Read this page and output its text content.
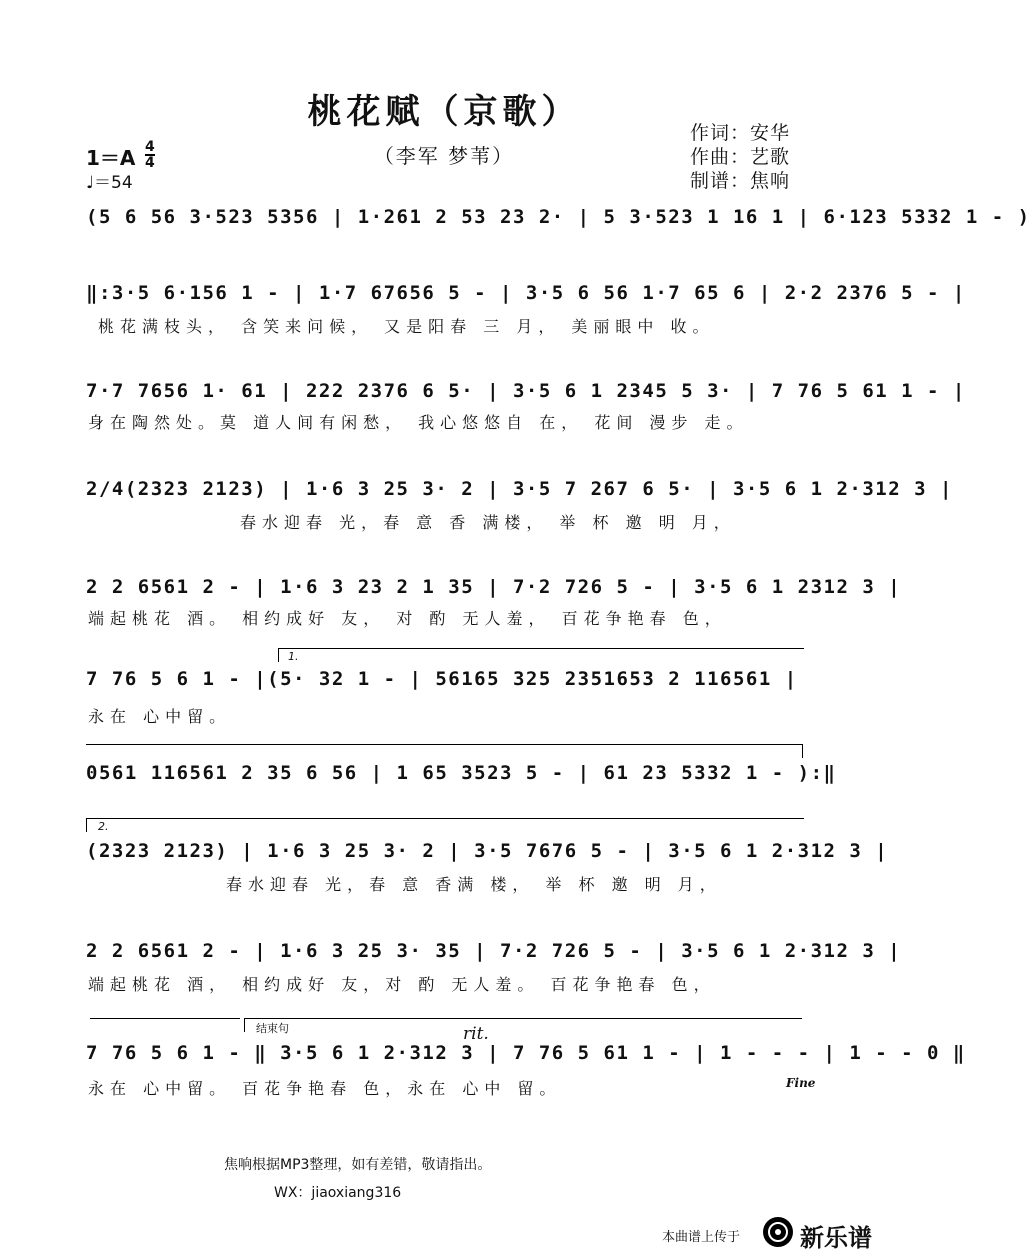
桃花赋（京歌）
（李军 梦苇）
作词：安华
作曲：艺歌
制谱：焦响
$1=A \frac{4}{4}$
♩＝54
(5 6 56 3·523 5356 | 1·261 2 53 23 2· | 5 3·523 1 16 1 | 6·123 5332 1 - )
‖:3·5 6·156 1 - | 1·7 67656 5 - | 3·5 6 56 1·7 65 6 | 2·2 2376 5 - |
桃花满枝头， 含笑来问候， 又是阳春 三 月， 美丽眼中 收。
7·7 7656 1· 61 | 222 2376 6 5· | 3·5 6 1 2345 5 3· | 7 76 5 61 1 - |
身在陶然处。莫 道人间有闲愁， 我心悠悠自 在， 花间 漫步 走。
2/4(2323 2123) | 1·6 3 25 3· 2 | 3·5 7 267 6 5· | 3·5 6 1 2·312 3 |
春水迎春 光，春 意 香 满楼， 举 杯 邀 明 月，
2 2 6561 2 - | 1·6 3 23 2 1 35 | 7·2 726 5 - | 3·5 6 1 2312 3 |
端起桃花 酒。 相约成好 友， 对 酌 无人羞， 百花争艳春 色，
1.
7 76 5 6 1 - |(5· 32 1 - | 56165 325 2351653 2 116561 |
永在 心中留。
0561 116561 2 35 6 56 | 1 65 3523 5 - | 61 23 5332 1 - ):‖
2.
(2323 2123) | 1·6 3 25 3· 2 | 3·5 7676 5 - | 3·5 6 1 2·312 3 |
春水迎春 光，春 意 香满 楼， 举 杯 邀 明 月，
2 2 6561 2 - | 1·6 3 25 3· 35 | 7·2 726 5 - | 3·5 6 1 2·312 3 |
端起桃花 酒， 相约成好 友，对 酌 无人羞。 百花争艳春 色，
结束句	rit.
7 76 5 6 1 - ‖ 3·5 6 1 2·312 3 | 7 76 5 61 1 - | 1 - - - | 1 - - 0 ‖
永在 心中留。 百花争艳春 色，永在 心中 留。	Fine
焦响根据MP3整理，如有差错，敬请指出。
WX：jiaoxiang316
本曲谱上传于 新乐谱
